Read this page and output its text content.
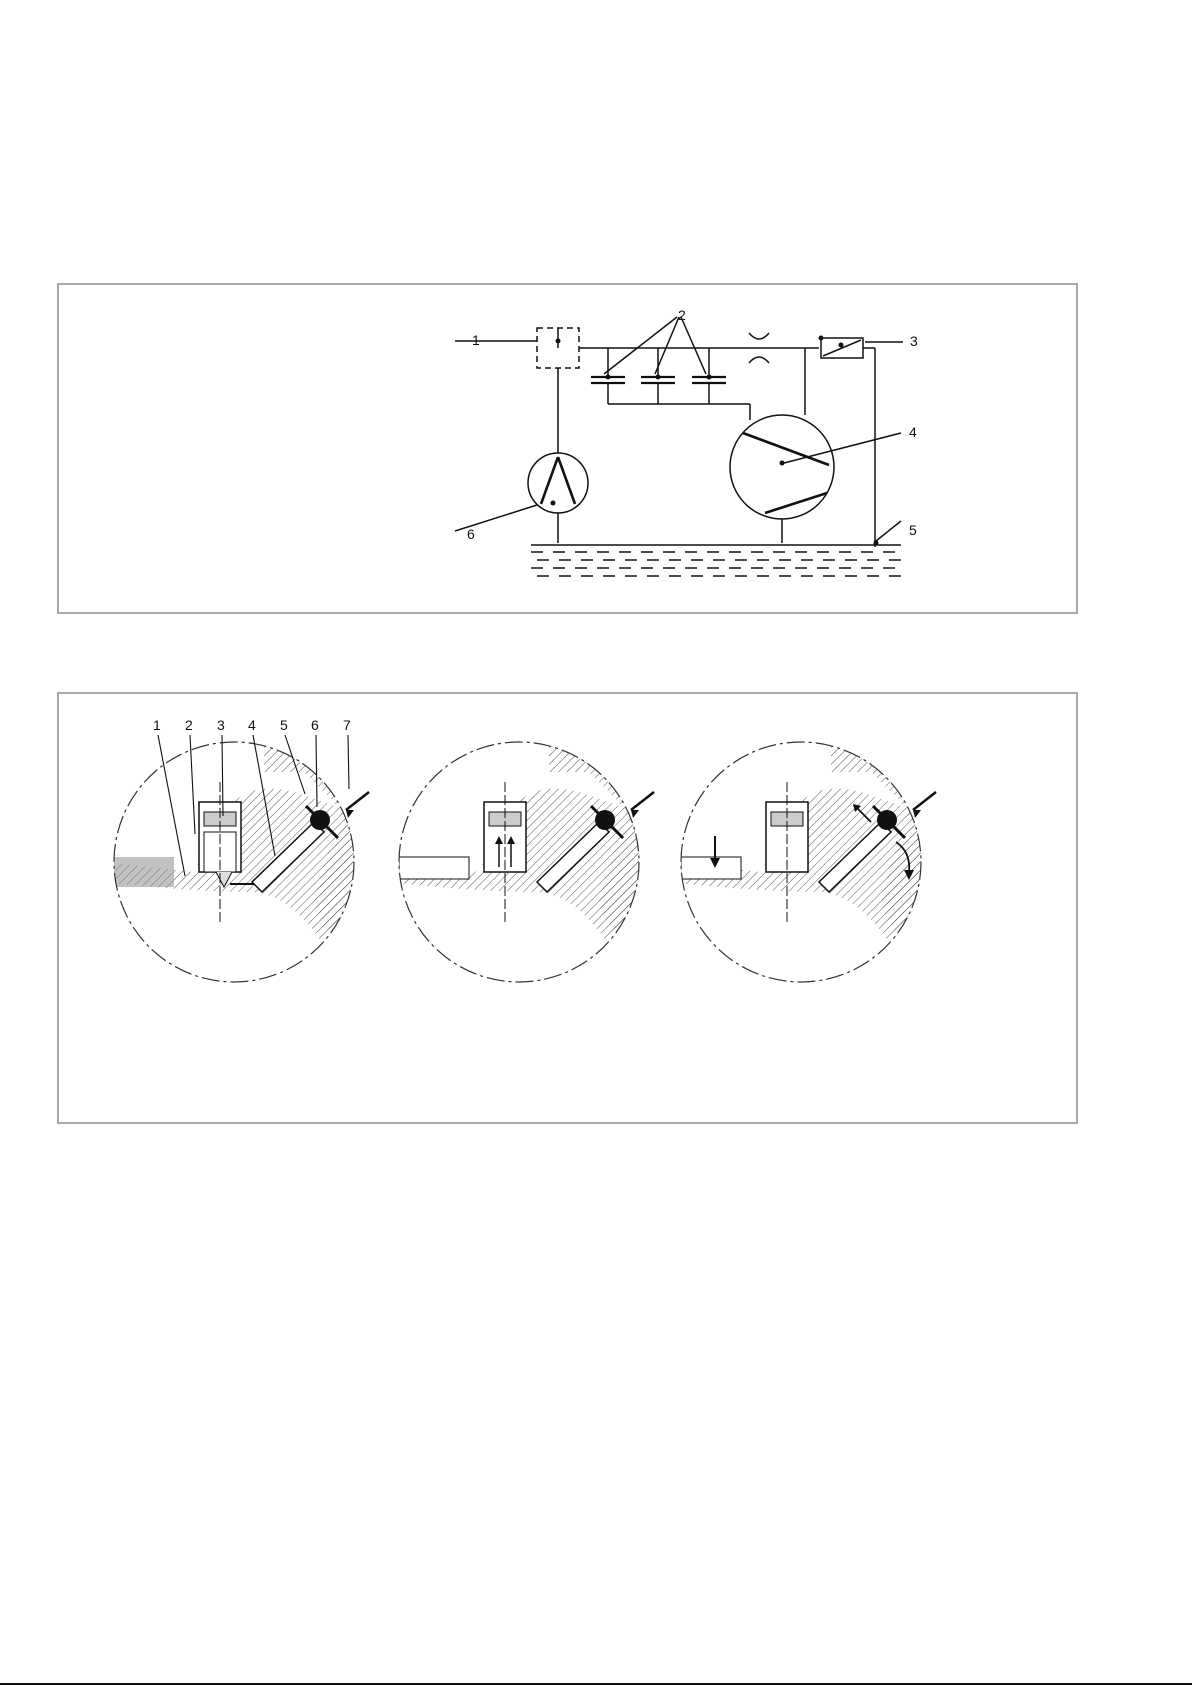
1
2
3
4
5
6
1 2 3 4 5 6 7
